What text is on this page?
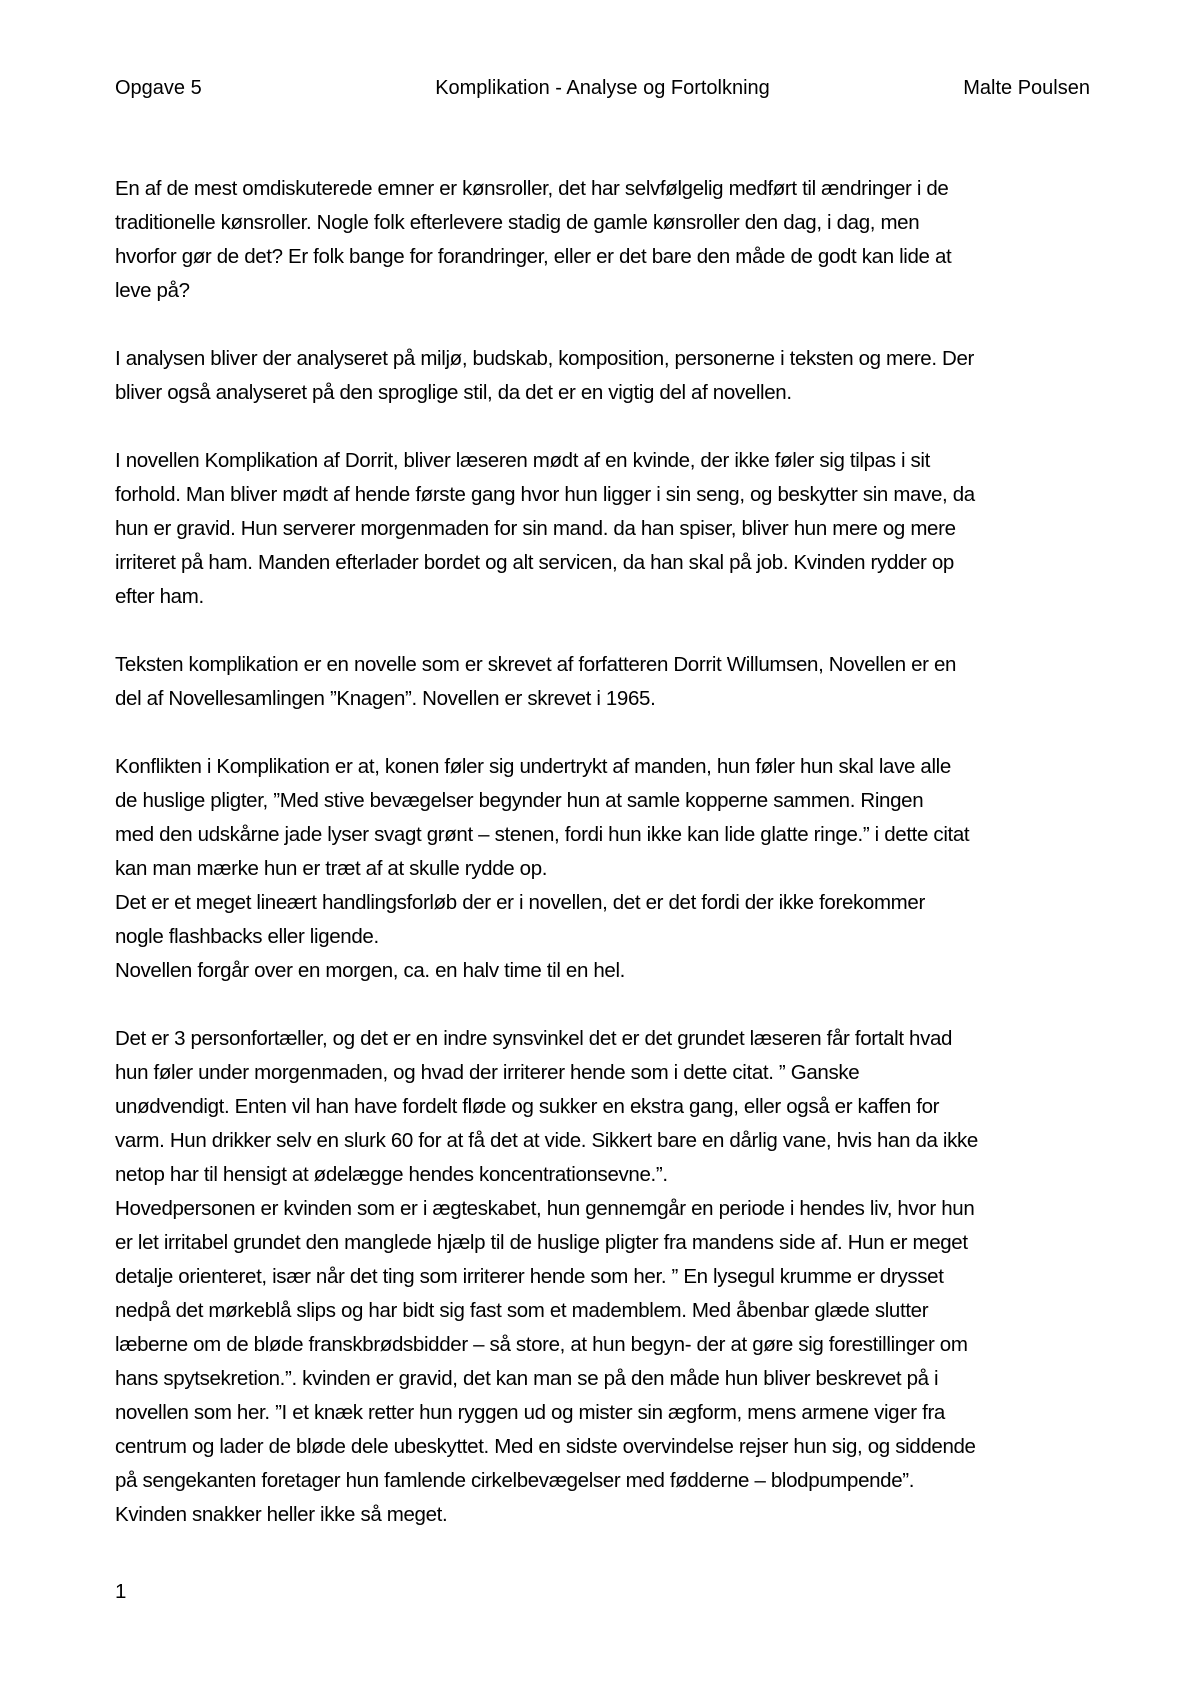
Opgave 5	Komplikation - Analyse og Fortolkning	Malte Poulsen
En af de mest omdiskuterede emner er kønsroller, det har selvfølgelig medført til ændringer i de
traditionelle kønsroller. Nogle folk efterlevere stadig de gamle kønsroller den dag, i dag, men
hvorfor gør de det? Er folk bange for forandringer, eller er det bare den måde de godt kan lide at
leve på?
I analysen bliver der analyseret på miljø, budskab, komposition, personerne i teksten og mere. Der
bliver også analyseret på den sproglige stil, da det er en vigtig del af novellen.
I novellen Komplikation af Dorrit, bliver læseren mødt af en kvinde, der ikke føler sig tilpas i sit
forhold. Man bliver mødt af hende første gang hvor hun ligger i sin seng, og beskytter sin mave, da
hun er gravid. Hun serverer morgenmaden for sin mand. da han spiser, bliver hun mere og mere
irriteret på ham. Manden efterlader bordet og alt servicen, da han skal på job. Kvinden rydder op
efter ham.
Teksten komplikation er en novelle som er skrevet af forfatteren Dorrit Willumsen, Novellen er en
del af Novellesamlingen ”Knagen”. Novellen er skrevet i 1965.
Konflikten i Komplikation er at, konen føler sig undertrykt af manden, hun føler hun skal lave alle
de huslige pligter, ”Med stive bevægelser begynder hun at samle kopperne sammen. Ringen
med den udskårne jade lyser svagt grønt – stenen, fordi hun ikke kan lide glatte ringe.” i dette citat
kan man mærke hun er træt af at skulle rydde op.
Det er et meget lineært handlingsforløb der er i novellen, det er det fordi der ikke forekommer
nogle flashbacks eller ligende.
Novellen forgår over en morgen, ca. en halv time til en hel.
Det er 3 personfortæller, og det er en indre synsvinkel det er det grundet læseren får fortalt hvad
hun føler under morgenmaden, og hvad der irriterer hende som i dette citat. ” Ganske
unødvendigt. Enten vil han have fordelt fløde og sukker en ekstra gang, eller også er kaffen for
varm. Hun drikker selv en slurk 60 for at få det at vide. Sikkert bare en dårlig vane, hvis han da ikke
netop har til hensigt at ødelægge hendes koncentrationsevne.”.
Hovedpersonen er kvinden som er i ægteskabet, hun gennemgår en periode i hendes liv, hvor hun
er let irritabel grundet den manglede hjælp til de huslige pligter fra mandens side af. Hun er meget
detalje orienteret, især når det ting som irriterer hende som her. ” En lysegul krumme er drysset
nedpå det mørkeblå slips og har bidt sig fast som et mademblem. Med åbenbar glæde slutter
læberne om de bløde franskbrødsbidder – så store, at hun begyn- der at gøre sig forestillinger om
hans spytsekretion.”. kvinden er gravid, det kan man se på den måde hun bliver beskrevet på i
novellen som her. ”I et knæk retter hun ryggen ud og mister sin ægform, mens armene viger fra
centrum og lader de bløde dele ubeskyttet. Med en sidste overvindelse rejser hun sig, og siddende
på sengekanten foretager hun famlende cirkelbevægelser med fødderne – blodpumpende”.
Kvinden snakker heller ikke så meget.
1
